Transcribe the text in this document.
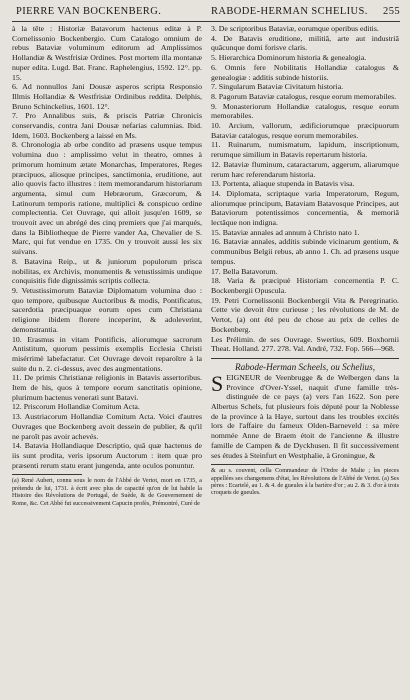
PIERRE VAN BOCKENBERG.	RABODE-HERMAN SCHELIUS. 255

à la tête : Historiæ Batavorum hactenus editæ à P. Cornelissonio Bockenbergio. Cum Catalogo omnium de rebus Bataviæ voluminum editorum ad Amplissimos Hollandiæ & Westfrisiæ Ordines. Post mortem illa montanæ nuper edita. Lugd. Bat. Franc. Raphelengius, 1592. 12°. pp. 15.

6. Ad nonnullos Jani Dousæ asperos scripta Responsio Illmis Hollandiæ & Westfrisiæ Ordinibus reddita. Delphis, Bruno Schinckelius, 1601. 12°.

7. Pro Annalibus suis, & priscis Patriæ Chronicis conservandis, contra Jani Dousæ nefarias calumnias. Ibid. Idem, 1603. Bockenberg a laissé en Ms.

8. Chronologia ab orbe condito ad præsens usque tempus volumina duo : amplissimo velut in theatro, omnes à primorum hominum ætate Monarchas, Imperatores, Reges præcipuos, aliosque principes, sanctimonia, eruditione, aut alio quovis facto illustres : item memorandarum historiarum argumenta, simul cum Hebræorum, Græcorum, & Latinorum temporis ratione, multiplici & conspicuo ordine complectentia. Cet Ouvrage, qui alloit jusqu'en 1609, se trouvoit avec un abrégé des cinq premiers que j'ai marqués, dans la Bibliotheque de Pierre vander Aa, Chevalier de S. Marc, qui fut vendue en 1735. On y trouvoit aussi les six suivans.

8. Batavina Reip., ut & juniorum populorum prisca nobilitas, ex Archivis, monumentis & vetustissimis undique conquisitis fide dignissimis scriptis collecta.

9. Vetustissimorum Bataviæ Diplomatum volumina duo : quo tempore, quibusque Auctoribus & modis, Pontificatus, sacerdotia præcipuaque eorum opes cum Christiana religione ibidem florere inceperint, & adoleverint, demonstrantia.

10. Erasmus in vitam Pontificis, aliorumque sacrorum Antistitum, quorum pessimis exemplis Ecclesia Christi misérrimè labefactatur. Cet Ouvrage devoit reparoître à la suite du n. 2. ci-dessus, avec des augmentations.

11. De primis Christianæ religionis in Batavis assertoribus. Item de his, quos à tempore eorum sanctitatis opinione, plurimum hactenus venerati sunt Batavi.

12. Priscorum Hollandiæ Comitum Acta.

13. Austriacorum Hollandiæ Comitum Acta. Voici d'autres Ouvrages que Bockenberg avoit dessein de publier, & qu'il ne paroît pas avoir achevés.

14. Batavia Hollandiaque Descriptio, quâ quæ hactenus de iis sunt prodita, veris ipsorum Auctorum : item quæ pro præsenti rerum statu erant jungenda, ante oculos ponuntur.

(a) René Aubert, connu sous le nom de l'Abbé de Vertot, mort en 1735, a prétendu de lui, 1731. à écrit avec plus de capacité qu'on de lui habile la Histoire des Révolutions de Portugal, de Suède, & de Gouvernement de Rome, &c. Cet Abbé fut successivement Capucin profès, Prémontré, Curé de

3. De scriptoribus Bataviæ, eorumque operibus editis.

4. De Batavis eruditione, militiâ, arte aut industriâ quâcunque domi forisve claris.

5. Hierarchica Dominorum historia & genealogia.

6. Omnis fere Nobilitatis Hollandiæ catalogus & genealogiæ : additis subinde historiis.

7. Singularum Bataviæ Civitatum historia.

8. Pagorum Bataviæ catalogus, resque eorum memorabiles.

9. Monasteriorum Hollandiæ catalogus, resque eorum memorabiles.

10. Arcium, vallorum, ædificiorumque præcipuorum Bataviæ catalogus, resque eorum memorabiles.

11. Ruinarum, numismatum, lapidum, inscriptionum, rerumque similium in Batavis repertarum historia.

12. Bataviæ fluminum, cataractarum, aggerum, aliarumque rerum hæc referendarum historia.

13. Portenta, aliaque stupenda in Batavis visa.

14. Diplomata, scriptaque varia Imperatorum, Regum, aliorumque principum, Bataviam Batavosque Principes, aut Bataviorum potentissimos concernentia, & memoriâ lectâque non indigna.

15. Bataviæ annales ad annum à Christo nato 1.

16. Bataviæ annales, additis subinde vicinarum gentium, & communibus Belgii rebus, ab anno 1. Ch. ad præsens usque tempus.

17. Bella Batavorum.

18. Varia & præcipuè Historiam concernentia P. C. Bockenbergii Opuscula.

19. Petri Cornelissonii Bockenbergii Vita & Peregrinatio. Cette vie devoit être curieuse ; les révolutions de M. de Vertot, (a) ont été peu de chose au prix de celles de Bockenberg.

Les Prélimin. de ses Ouvrage. Swertius, 609. Boxhornii Theat. Holland. 277. 278. Val. André, 732. Fop. 566—968.

Rabode-Herman Scheels, ou Schelius,

SEIGNEUR de Veenbrugge & de Welbergen dans la Province d'Over-Yssel, naquit d'une famille très-distinguée de ce pays (a) vers l'an 1622. Son pere Albertus Schels, fut plusieurs fois député pour la Noblesse de la province à la Haye, surtout dans les troubles excités lors de l'affaire du fameux Olden-Barneveld : sa mère nommée Anne de Braem étoit de l'ancienne & illustre famille de Campen & de Dyckhusen. Il fit successivement ses études à Steinfurt en Westphalie, à Groningue, &

& au s. couvent, cella Commandeur de l'Ordre de Malte ; les pieces appellées ses changemens d'état, les Révolutions de l'Abbé de Vertot. (a) Ses pères : Ecartelé, au 1. & 4. de gueules à la barière d'or ; au 2. & 3. d'or à trois croquets de gueules.
